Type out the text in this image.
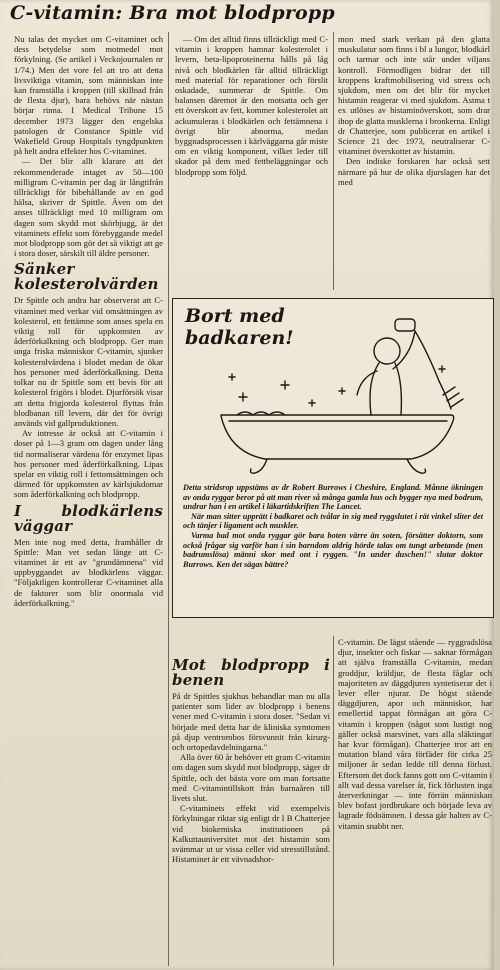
C-vitamin: Bra mot blodpropp

Nu talas det mycket om C-vitaminet och dess betydelse som motmedel mot förkylning. (Se artikel i Veckojournalen nr 1/74.) Men det vore fel att tro att detta livsviktiga vitamin, som människan inte kan framställa i kroppen (till skillnad från de flesta djur), bara behövs när nästan börjar rinna. I Medical Tribune 15 december 1973 lägger den engelska patologen dr Constance Spittle vid Wakefield Group Hospitals tyngdpunkten på helt andra effekter hos C-vitaminet.

— Det blir allt klarare att det rekommenderade intaget av 50—100 milligram C-vitamin per dag är långtifrån tillräckligt för bibehållande av en god hälsa, skriver dr Spittle. Även om det anses tillräckligt med 10 milligram om dagen som skydd mot skörbjugg, är det vitaminets effekt som förebyggande medel mot blodpropp som gör det så viktigt att ge i stora doser, särskilt till äldre personer.

Sänker kolesterolvärden

Dr Spittle och andra har observerat att C-vitaminet med verkar vid omsättningen av kolesterol, ett fettämne som anses spela en viktig roll för uppkomsten av åderförkalkning och blodpropp. Ger man unga friska människor C-vitamin, sjunker kolesterolvärdena i blodet medan de ökar hos personer med åderförkalkning. Detta tolkar nu dr Spittle som ett bevis för att kolesterol frigörs i blodet. Djurförsök visar att detta frigjorda kolesterol flyttas från blodbanan till levern, där det för övrigt används vid gallproduktionen.

Av intresse är också att C-vitamin i doser på 1—3 gram om dagen under lång tid normaliserar värdena för enzymet lipas hos personer med åderförkalkning. Lipas spelar en viktig roll i fettomsättningen och därmed för uppkomsten av kärlsjukdomar som åderförkalkning och blodpropp.

I blodkärlens väggar

Men inte nog med detta, framhåller dr Spittle: Man vet sedan länge att C-vitaminet är ett av "grundämnena" vid uppbyggandet av blodkärlens väggar. "Följaktligen kontrollerar C-vitaminet alla de faktorer som blir onormala vid åderförkalkning."

— Om det alltid finns tillräckligt med C-vitamin i kroppen hamnar kolesterolet i levern, beta-lipoproteinerna hålls på låg nivå och blodkärlen får alltid tillräckligt med material för reparationer och förslit oskadade, summerar dr Spittle. Om balansen däremot är den motsatta och ger ett överskott av fett, kommer kolesterolet att ackumuleras i blodkärlen och fettämnena i övrigt blir abnorma, medan byggnadsprocessen i kärlväggarna går miste om en viktig komponent, vilket leder till skador på dem med fettbeläggningar och blodpropp som följd.

mon med stark verkan på den glatta muskulatur som finns i bl a lungor, blodkärl och tarmar och inte står under viljans kontroll. Förmodligen bidrar det till kroppens kraftmobilisering vid stress och sjukdom, men om det blir för mycket histamin reagerar vi med sjukdom. Astma t ex utlöses av histaminöverskott, som drar ihop de glatta musklerna i bronkerna. Enligt dr Chatterjee, som publicerat en artikel i Science 21 dec 1973, neutraliserar C-vitaminet överskottet av histamin.

Den indiske forskaren har också sett närmare på hur de olika djurslagen har det med

Bort med badkaren!

Detta stridsrop uppstäms av dr Robert Burrows i Cheshire, England. Månne ökningen av onda ryggar beror på att man river så många gamla hus och bygger nya med bodrum, undrar han i en artikel i läkartidskriften The Lancet.

När man sitter upprätt i badkaret och tvålar in sig med ryggslutet i rät vinkel sliter det och tänjer i ligament och muskler.

Varma bad mot onda ryggar gör bara boten värre än soten, försätter doktorn, som också frågar sig varför han i sin barndom aldrig hörde talas om tungt arbetande (men badrumslösa) männi skor med ont i ryggen. "In under duschen!" slutar doktor Burrows. Ken det sägas bättre?

Mot blodpropp i benen

På dr Spittles sjukhus behandlar man nu alla patienter som lider av blodpropp i benens vener med C-vitamin i stora doser. "Sedan vi började med detta har de kliniska symtomen på djup ventrombos försvunnit från kirurg- och ortopedavdelningarna."

Alla över 60 år behöver ett gram C-vitamin om dagen som skydd mot blodpropp, säger dr Spittle, och det bästa vore om man fortsatte med C-vitamintillskott från barnaåren till livets slut.

C-vitaminets effekt vid exempelvis förkylningar riktar sig enligt dr I B Chatterjee vid biokemiska institutionen på Kalkuttauniversitet mot det histamin som svämmar ut ur vissa celler vid stresstillstånd. Histaminet är ett vävnadshor-

C-vitamin. De lägst stående — ryggradslösa djur, insekter och fiskar — saknar förmågan att själva framställa C-vitamin, medan groddjur, kräldjur, de flesta fåglar och majoriteten av däggdjuren syntetiserar det i lever eller njurar. De högst stående däggdjuren, apor och människor, har emellertid tappat förmågan att göra C-vitamin i kroppen (något som lustigt nog gäller också marsvinet, vars alla släktingar har kvar förmågan). Chatterjee tror att en mutation bland våra förfäder för cirka 25 miljoner år sedan ledde till denna förlust. Eftersom det dock fanns gott om C-vitamin i allt vad dessa varelser åt, fick förlusten inga återverkningar — inte förrän människan blev bofast jordbrukare och började leva av lagrade födoämnen. I dessa går halten av C-vitamin snabbt ner.
